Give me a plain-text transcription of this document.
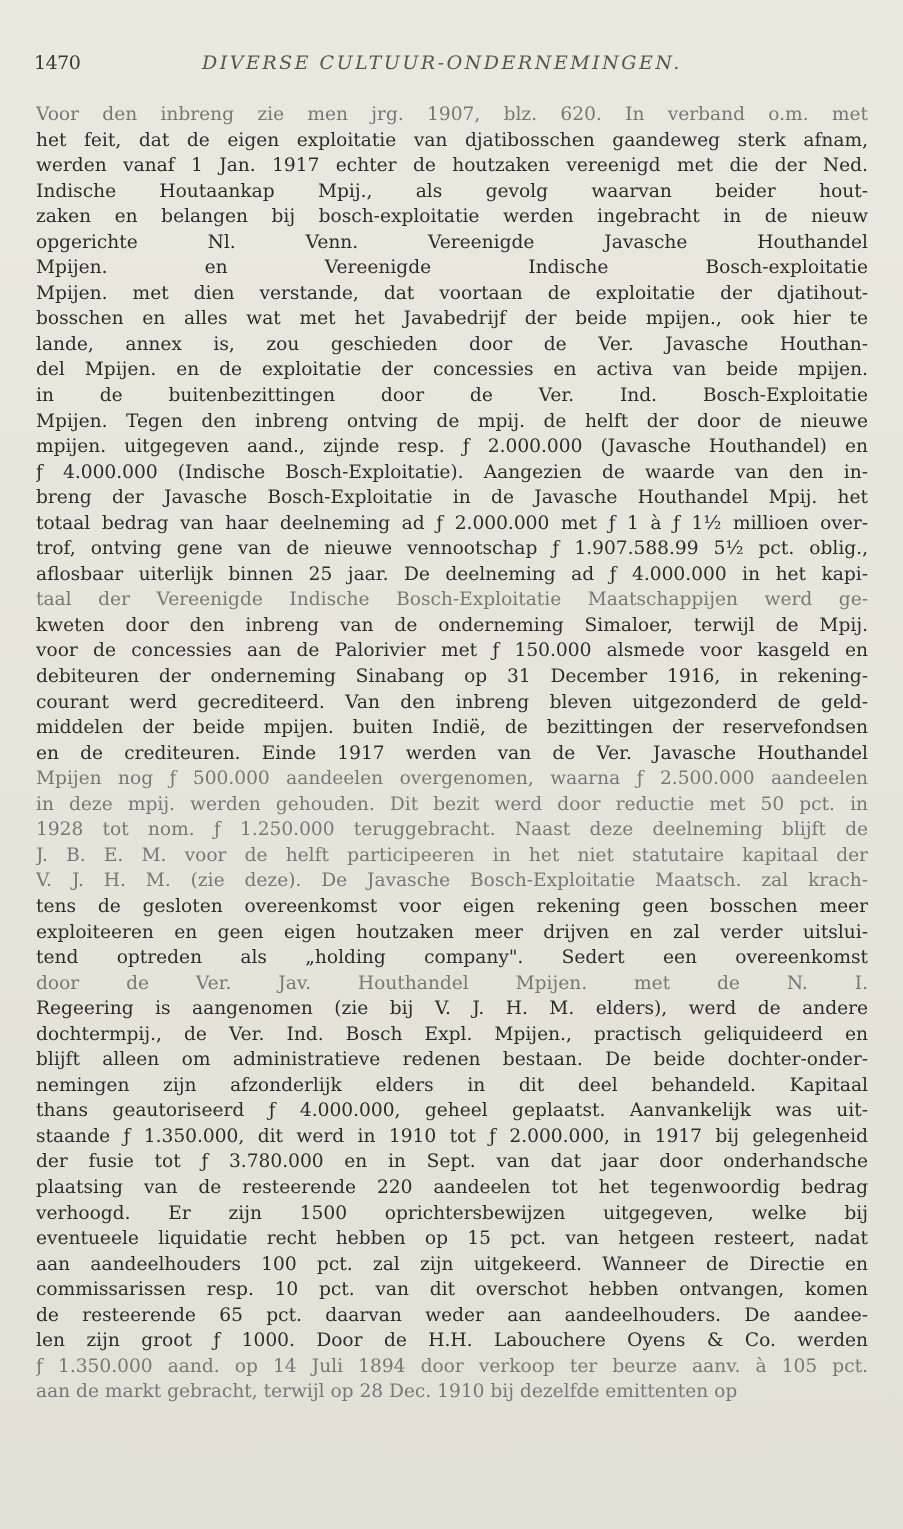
1470	DIVERSE CULTUUR-ONDERNEMINGEN.
Voor den inbreng zie men jrg. 1907, blz. 620. In verband o.m. met
het feit, dat de eigen exploitatie van djatibosschen gaandeweg sterk afnam,
werden vanaf 1 Jan. 1917 echter de houtzaken vereenigd met die der Ned.
Indische Houtaankap Mpij., als gevolg waarvan beider hout-
zaken en belangen bij bosch-exploitatie werden ingebracht in de nieuw
opgerichte Nl. Venn. Vereenigde Javasche Houthandel
Mpijen. en Vereenigde Indische Bosch-exploitatie
Mpijen. met dien verstande, dat voortaan de exploitatie der djatihout-
bosschen en alles wat met het Javabedrijf der beide mpijen., ook hier te
lande, annex is, zou geschieden door de Ver. Javasche Houthan-
del Mpijen. en de exploitatie der concessies en activa van beide mpijen.
in de buitenbezittingen door de Ver. Ind. Bosch-Exploitatie
Mpijen. Tegen den inbreng ontving de mpij. de helft der door de nieuwe
mpijen. uitgegeven aand., zijnde resp. ƒ 2.000.000 (Javasche Houthandel) en
ƒ 4.000.000 (Indische Bosch-Exploitatie). Aangezien de waarde van den in-
breng der Javasche Bosch-Exploitatie in de Javasche Houthandel Mpij. het
totaal bedrag van haar deelneming ad ƒ 2.000.000 met ƒ 1 à ƒ 1½ millioen over-
trof, ontving gene van de nieuwe vennootschap ƒ 1.907.588.99 5½ pct. oblig.,
aflosbaar uiterlijk binnen 25 jaar. De deelneming ad ƒ 4.000.000 in het kapi-
taal der Vereenigde Indische Bosch-Exploitatie Maatschappijen werd ge-
kweten door den inbreng van de onderneming Simaloer, terwijl de Mpij.
voor de concessies aan de Palorivier met ƒ 150.000 alsmede voor kasgeld en
debiteuren der onderneming Sinabang op 31 December 1916, in rekening-
courant werd gecrediteerd. Van den inbreng bleven uitgezonderd de geld-
middelen der beide mpijen. buiten Indië, de bezittingen der reservefondsen
en de crediteuren. Einde 1917 werden van de Ver. Javasche Houthandel
Mpijen nog ƒ 500.000 aandeelen overgenomen, waarna ƒ 2.500.000 aandeelen
in deze mpij. werden gehouden. Dit bezit werd door reductie met 50 pct. in
1928 tot nom. ƒ 1.250.000 teruggebracht. Naast deze deelneming blijft de
J. B. E. M. voor de helft participeeren in het niet statutaire kapitaal der
V. J. H. M. (zie deze). De Javasche Bosch-Exploitatie Maatsch. zal krach-
tens de gesloten overeenkomst voor eigen rekening geen bosschen meer
exploiteeren en geen eigen houtzaken meer drijven en zal verder uitslui-
tend optreden als „holding company". Sedert een overeenkomst
door de Ver. Jav. Houthandel Mpijen. met de N. I.
Regeering is aangenomen (zie bij V. J. H. M. elders), werd de andere
dochtermpij., de Ver. Ind. Bosch Expl. Mpijen., practisch geliquideerd en
blijft alleen om administratieve redenen bestaan. De beide dochter-onder-
nemingen zijn afzonderlijk elders in dit deel behandeld. Kapitaal
thans geautoriseerd ƒ 4.000.000, geheel geplaatst. Aanvankelijk was uit-
staande ƒ 1.350.000, dit werd in 1910 tot ƒ 2.000.000, in 1917 bij gelegenheid
der fusie tot ƒ 3.780.000 en in Sept. van dat jaar door onderhandsche
plaatsing van de resteerende 220 aandeelen tot het tegenwoordig bedrag
verhoogd. Er zijn 1500 oprichtersbewijzen uitgegeven, welke bij
eventueele liquidatie recht hebben op 15 pct. van hetgeen resteert, nadat
aan aandeelhouders 100 pct. zal zijn uitgekeerd. Wanneer de Directie en
commissarissen resp. 10 pct. van dit overschot hebben ontvangen, komen
de resteerende 65 pct. daarvan weder aan aandeelhouders. De aandee-
len zijn groot ƒ 1000. Door de H.H. Labouchere Oyens & Co. werden
ƒ 1.350.000 aand. op 14 Juli 1894 door verkoop ter beurze aanv. à 105 pct.
aan de markt gebracht, terwijl op 28 Dec. 1910 bij dezelfde emittenten op
